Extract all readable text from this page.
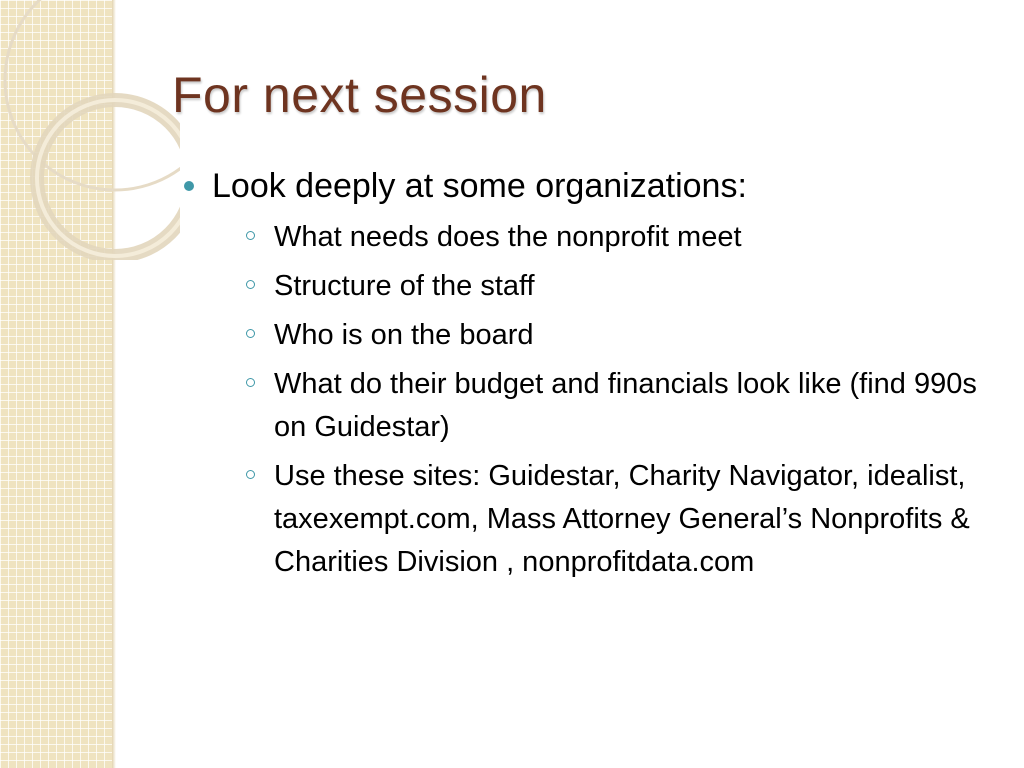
For next session
Look deeply at some organizations:
What needs does the nonprofit meet
Structure of the staff
Who is on the board
What do their budget and financials look like (find 990s on Guidestar)
Use these sites: Guidestar, Charity Navigator, idealist, taxexempt.com, Mass Attorney General’s Nonprofits & Charities Division , nonprofitdata.com
